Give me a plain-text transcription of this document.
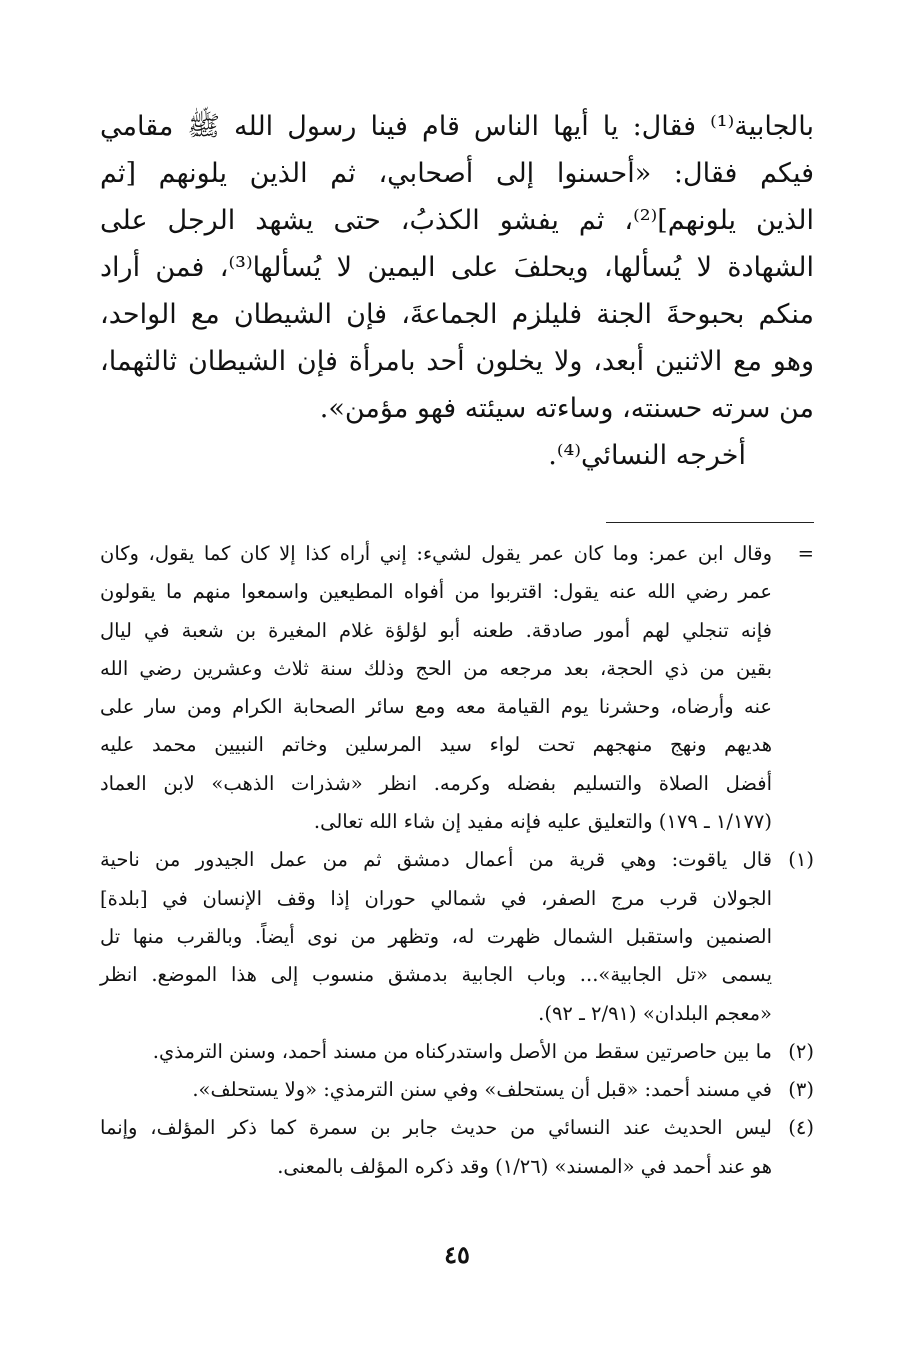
بالجابية⁽¹⁾ فقال: يا أيها الناس قام فينا رسول الله ﷺ مقامي
فيكم فقال: «أحسنوا إلى أصحابي، ثم الذين يلونهم [ثم
الذين يلونهم]⁽²⁾، ثم يفشو الكذبُ، حتى يشهد الرجل على
الشهادة لا يُسألها، ويحلفَ على اليمين لا يُسألها⁽³⁾، فمن أراد
منكم بحبوحةَ الجنة فليلزم الجماعةَ، فإن الشيطان مع الواحد،
وهو مع الاثنين أبعد، ولا يخلون أحد بامرأة فإن الشيطان ثالثهما،
من سرته حسنته، وساءته سيئته فهو مؤمن».
أخرجه النسائي⁽⁴⁾.
=
وقال ابن عمر: وما كان عمر يقول لشيء: إني أراه كذا إلا كان كما يقول، وكان
عمر رضي الله عنه يقول: اقتربوا من أفواه المطيعين واسمعوا منهم ما يقولون
فإنه تنجلي لهم أمور صادقة. طعنه أبو لؤلؤة غلام المغيرة بن شعبة في ليال
بقين من ذي الحجة، بعد مرجعه من الحج وذلك سنة ثلاث وعشرين رضي الله
عنه وأرضاه، وحشرنا يوم القيامة معه ومع سائر الصحابة الكرام ومن سار على
هديهم ونهج منهجهم تحت لواء سيد المرسلين وخاتم النبيين محمد عليه
أفضل الصلاة والتسليم بفضله وكرمه. انظر «شذرات الذهب» لابن العماد
(١/١٧٧ ـ ١٧٩) والتعليق عليه فإنه مفيد إن شاء الله تعالى.
(١)
قال ياقوت: وهي قرية من أعمال دمشق ثم من عمل الجيدور من ناحية
الجولان قرب مرج الصفر، في شمالي حوران إذا وقف الإنسان في [بلدة]
الصنمين واستقبل الشمال ظهرت له، وتظهر من نوى أيضاً. وبالقرب منها تل
يسمى «تل الجابية»... وباب الجابية بدمشق منسوب إلى هذا الموضع. انظر
«معجم البلدان» (٢/٩١ ـ ٩٢).
(٢)
ما بين حاصرتين سقط من الأصل واستدركناه من مسند أحمد، وسنن الترمذي.
(٣)
في مسند أحمد: «قبل أن يستحلف» وفي سنن الترمذي: «ولا يستحلف».
(٤)
ليس الحديث عند النسائي من حديث جابر بن سمرة كما ذكر المؤلف، وإنما
هو عند أحمد في «المسند» (١/٢٦) وقد ذكره المؤلف بالمعنى.
٤٥
